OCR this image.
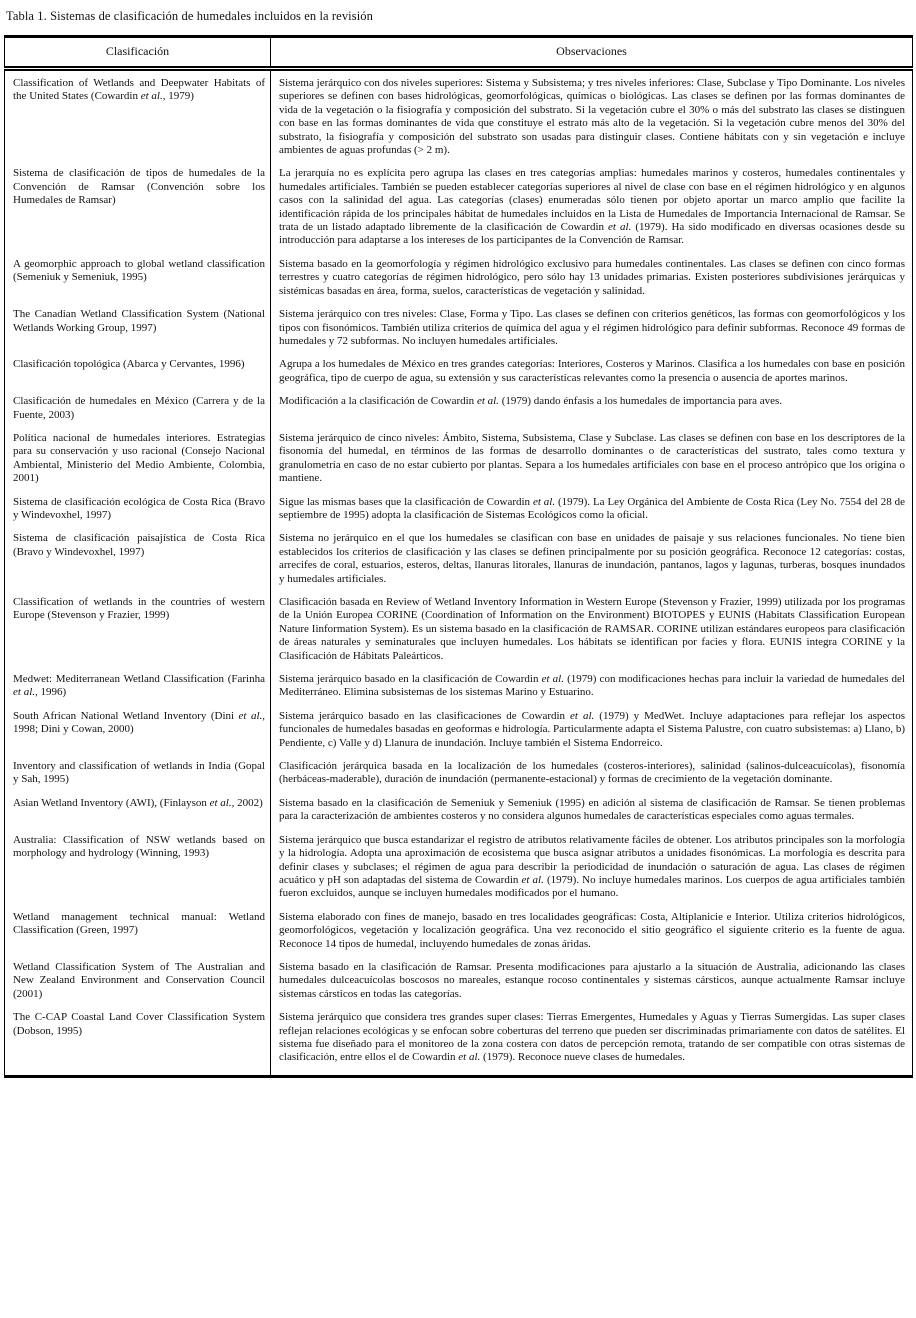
Tabla 1. Sistemas de clasificación de humedales incluidos en la revisión
Clasificación	Observaciones
Classification of Wetlands and Deepwater Habitats of the United States (Cowardin et al., 1979)	Sistema jerárquico con dos niveles superiores: Sistema y Subsistema; y tres niveles inferiores: Clase, Subclase y Tipo Dominante. Los niveles superiores se definen con bases hidrológicas, geomorfológicas, químicas o biológicas. Las clases se definen por las formas dominantes de vida de la vegetación o la fisiografía y composición del substrato. Si la vegetación cubre el 30% o más del substrato las clases se distinguen con base en las formas dominantes de vida que constituye el estrato más alto de la vegetación. Si la vegetación cubre menos del 30% del substrato, la fisiografía y composición del substrato son usadas para distinguir clases. Contiene hábitats con y sin vegetación e incluye ambientes de aguas profundas (> 2 m).
Sistema de clasificación de tipos de humedales de la Convención de Ramsar (Convención sobre los Humedales de Ramsar)	La jerarquía no es explícita pero agrupa las clases en tres categorías amplias: humedales marinos y costeros, humedales continentales y humedales artificiales. También se pueden establecer categorías superiores al nivel de clase con base en el régimen hidrológico y en algunos casos con la salinidad del agua. Las categorías (clases) enumeradas sólo tienen por objeto aportar un marco amplio que facilite la identificación rápida de los principales hábitat de humedales incluidos en la Lista de Humedales de Importancia Internacional de Ramsar. Se trata de un listado adaptado libremente de la clasificación de Cowardin et al. (1979). Ha sido modificado en diversas ocasiones desde su introducción para adaptarse a los intereses de los participantes de la Convención de Ramsar.
A geomorphic approach to global wetland classification (Semeniuk y Semeniuk, 1995)	Sistema basado en la geomorfología y régimen hidrológico exclusivo para humedales continentales. Las clases se definen con cinco formas terrestres y cuatro categorías de régimen hidrológico, pero sólo hay 13 unidades primarias. Existen posteriores subdivisiones jerárquicas y sistémicas basadas en área, forma, suelos, características de vegetación y salinidad.
The Canadian Wetland Classification System (National Wetlands Working Group, 1997)	Sistema jerárquico con tres niveles: Clase, Forma y Tipo. Las clases se definen con criterios genéticos, las formas con geomorfológicos y los tipos con fisonómicos. También utiliza criterios de química del agua y el régimen hidrológico para definir subformas. Reconoce 49 formas de humedales y 72 subformas. No incluyen humedales artificiales.
Clasificación topológica (Abarca y Cervantes, 1996)	Agrupa a los humedales de México en tres grandes categorías: Interiores, Costeros y Marinos. Clasifica a los humedales con base en posición geográfica, tipo de cuerpo de agua, su extensión y sus características relevantes como la presencia o ausencia de aportes marinos.
Clasificación de humedales en México (Carrera y de la Fuente, 2003)	Modificación a la clasificación de Cowardin et al. (1979) dando énfasis a los humedales de importancia para aves.
Política nacional de humedales interiores. Estrategias para su conservación y uso racional (Consejo Nacional Ambiental, Ministerio del Medio Ambiente, Colombia, 2001)	Sistema jerárquico de cinco niveles: Ámbito, Sistema, Subsistema, Clase y Subclase. Las clases se definen con base en los descriptores de la fisonomía del humedal, en términos de las formas de desarrollo dominantes o de características del sustrato, tales como textura y granulometría en caso de no estar cubierto por plantas. Separa a los humedales artificiales con base en el proceso antrópico que los origina o mantiene.
Sistema de clasificación ecológica de Costa Rica (Bravo y Windevoxhel, 1997)	Sigue las mismas bases que la clasificación de Cowardin et al. (1979). La Ley Orgánica del Ambiente de Costa Rica (Ley No. 7554 del 28 de septiembre de 1995) adopta la clasificación de Sistemas Ecológicos como la oficial.
Sistema de clasificación paisajística de Costa Rica (Bravo y Windevoxhel, 1997)	Sistema no jerárquico en el que los humedales se clasifican con base en unidades de paisaje y sus relaciones funcionales. No tiene bien establecidos los criterios de clasificación y las clases se definen principalmente por su posición geográfica. Reconoce 12 categorías: costas, arrecifes de coral, estuarios, esteros, deltas, llanuras litorales, llanuras de inundación, pantanos, lagos y lagunas, turberas, bosques inundados y humedales artificiales.
Classification of wetlands in the countries of western Europe (Stevenson y Frazier, 1999)	Clasificación basada en Review of Wetland Inventory Information in Western Europe (Stevenson y Frazier, 1999) utilizada por los programas de la Unión Europea CORINE (Coordination of Information on the Environment) BIOTOPES y EUNIS (Habitats Classification European Nature Iinformation System). Es un sistema basado en la clasificación de RAMSAR. CORINE utilizan estándares europeos para clasificación de áreas naturales y seminaturales que incluyen humedales. Los hábitats se identifican por facies y flora. EUNIS integra CORINE y la Clasificación de Hábitats Paleárticos.
Medwet: Mediterranean Wetland Classification (Farinha et al., 1996)	Sistema jerárquico basado en la clasificación de Cowardin et al. (1979) con modificaciones hechas para incluir la variedad de humedales del Mediterráneo. Elimina subsistemas de los sistemas Marino y Estuarino.
South African National Wetland Inventory (Dini et al., 1998; Dini y Cowan, 2000)	Sistema jerárquico basado en las clasificaciones de Cowardin et al. (1979) y MedWet. Incluye adaptaciones para reflejar los aspectos funcionales de humedales basadas en geoformas e hidrología. Particularmente adapta el Sistema Palustre, con cuatro subsistemas: a) Llano, b) Pendiente, c) Valle y d) Llanura de inundación. Incluye también el Sistema Endorreico.
Inventory and classification of wetlands in India (Gopal y Sah, 1995)	Clasificación jerárquica basada en la localización de los humedales (costeros-interiores), salinidad (salinos-dulceacuícolas), fisonomía (herbáceas-maderable), duración de inundación (permanente-estacional) y formas de crecimiento de la vegetación dominante.
Asian Wetland Inventory (AWI), (Finlayson et al., 2002)	Sistema basado en la clasificación de Semeniuk y Semeniuk (1995) en adición al sistema de clasificación de Ramsar. Se tienen problemas para la caracterización de ambientes costeros y no considera algunos humedales de características especiales como aguas termales.
Australia: Classification of NSW wetlands based on morphology and hydrology (Winning, 1993)	Sistema jerárquico que busca estandarizar el registro de atributos relativamente fáciles de obtener. Los atributos principales son la morfología y la hidrología. Adopta una aproximación de ecosistema que busca asignar atributos a unidades fisonómicas. La morfología es descrita para definir clases y subclases; el régimen de agua para describir la periodicidad de inundación o saturación de agua. Las clases de régimen acuático y pH son adaptadas del sistema de Cowardin et al. (1979). No incluye humedales marinos. Los cuerpos de agua artificiales también fueron excluidos, aunque se incluyen humedales modificados por el humano.
Wetland management technical manual: Wetland Classification (Green, 1997)	Sistema elaborado con fines de manejo, basado en tres localidades geográficas: Costa, Altiplanicie e Interior. Utiliza criterios hidrológicos, geomorfológicos, vegetación y localización geográfica. Una vez reconocido el sitio geográfico el siguiente criterio es la fuente de agua. Reconoce 14 tipos de humedal, incluyendo humedales de zonas áridas.
Wetland Classification System of The Australian and New Zealand Environment and Conservation Council (2001)	Sistema basado en la clasificación de Ramsar. Presenta modificaciones para ajustarlo a la situación de Australia, adicionando las clases humedales dulceacuícolas boscosos no mareales, estanque rocoso continentales y sistemas cársticos, aunque actualmente Ramsar incluye sistemas cársticos en todas las categorías.
The C-CAP Coastal Land Cover Classification System (Dobson, 1995)	Sistema jerárquico que considera tres grandes super clases: Tierras Emergentes, Humedales y Aguas y Tierras Sumergidas. Las super clases reflejan relaciones ecológicas y se enfocan sobre coberturas del terreno que pueden ser discriminadas primariamente con datos de satélites. El sistema fue diseñado para el monitoreo de la zona costera con datos de percepción remota, tratando de ser compatible con otras sistemas de clasificación, entre ellos el de Cowardin et al. (1979). Reconoce nueve clases de humedales.
